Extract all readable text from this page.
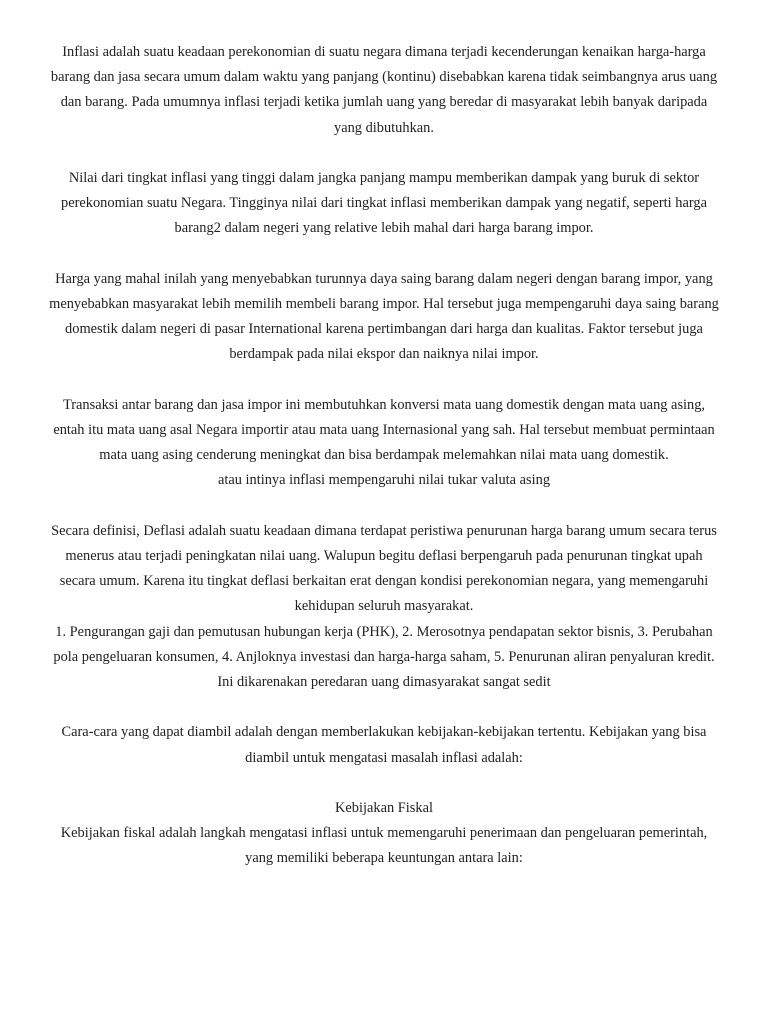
Inflasi adalah suatu keadaan perekonomian di suatu negara dimana terjadi kecenderungan kenaikan harga-harga barang dan jasa secara umum dalam waktu yang panjang (kontinu) disebabkan karena tidak seimbangnya arus uang dan barang. Pada umumnya inflasi terjadi ketika jumlah uang yang beredar di masyarakat lebih banyak daripada yang dibutuhkan.
Nilai dari tingkat inflasi yang tinggi dalam jangka panjang mampu memberikan dampak yang buruk di sektor perekonomian suatu Negara. Tingginya nilai dari tingkat inflasi memberikan dampak yang negatif, seperti harga barang2 dalam negeri yang relative lebih mahal dari harga barang impor.
Harga yang mahal inilah yang menyebabkan turunnya daya saing barang dalam negeri dengan barang impor, yang menyebabkan masyarakat lebih memilih membeli barang impor. Hal tersebut juga mempengaruhi daya saing barang domestik dalam negeri di pasar International karena pertimbangan dari harga dan kualitas. Faktor tersebut juga berdampak pada nilai ekspor dan naiknya nilai impor.
Transaksi antar barang dan jasa impor ini membutuhkan konversi mata uang domestik dengan mata uang asing, entah itu mata uang asal Negara importir atau mata uang Internasional yang sah. Hal tersebut membuat permintaan mata uang asing cenderung meningkat dan bisa berdampak melemahkan nilai mata uang domestik.
atau intinya inflasi mempengaruhi nilai tukar valuta asing
Secara definisi, Deflasi adalah suatu keadaan dimana terdapat peristiwa penurunan harga barang umum secara terus menerus atau terjadi peningkatan nilai uang. Walupun begitu deflasi berpengaruh pada penurunan tingkat upah secara umum. Karena itu tingkat deflasi berkaitan erat dengan kondisi perekonomian negara, yang memengaruhi kehidupan seluruh masyarakat.
1. Pengurangan gaji dan pemutusan hubungan kerja (PHK), 2. Merosotnya pendapatan sektor bisnis, 3. Perubahan pola pengeluaran konsumen, 4. Anjloknya investasi dan harga-harga saham, 5. Penurunan aliran penyaluran kredit. Ini dikarenakan peredaran uang dimasyarakat sangat sedit
Cara-cara yang dapat diambil adalah dengan memberlakukan kebijakan-kebijakan tertentu. Kebijakan yang bisa diambil untuk mengatasi masalah inflasi adalah:
Kebijakan Fiskal
Kebijakan fiskal adalah langkah mengatasi inflasi untuk memengaruhi penerimaan dan pengeluaran pemerintah, yang memiliki beberapa keuntungan antara lain:
